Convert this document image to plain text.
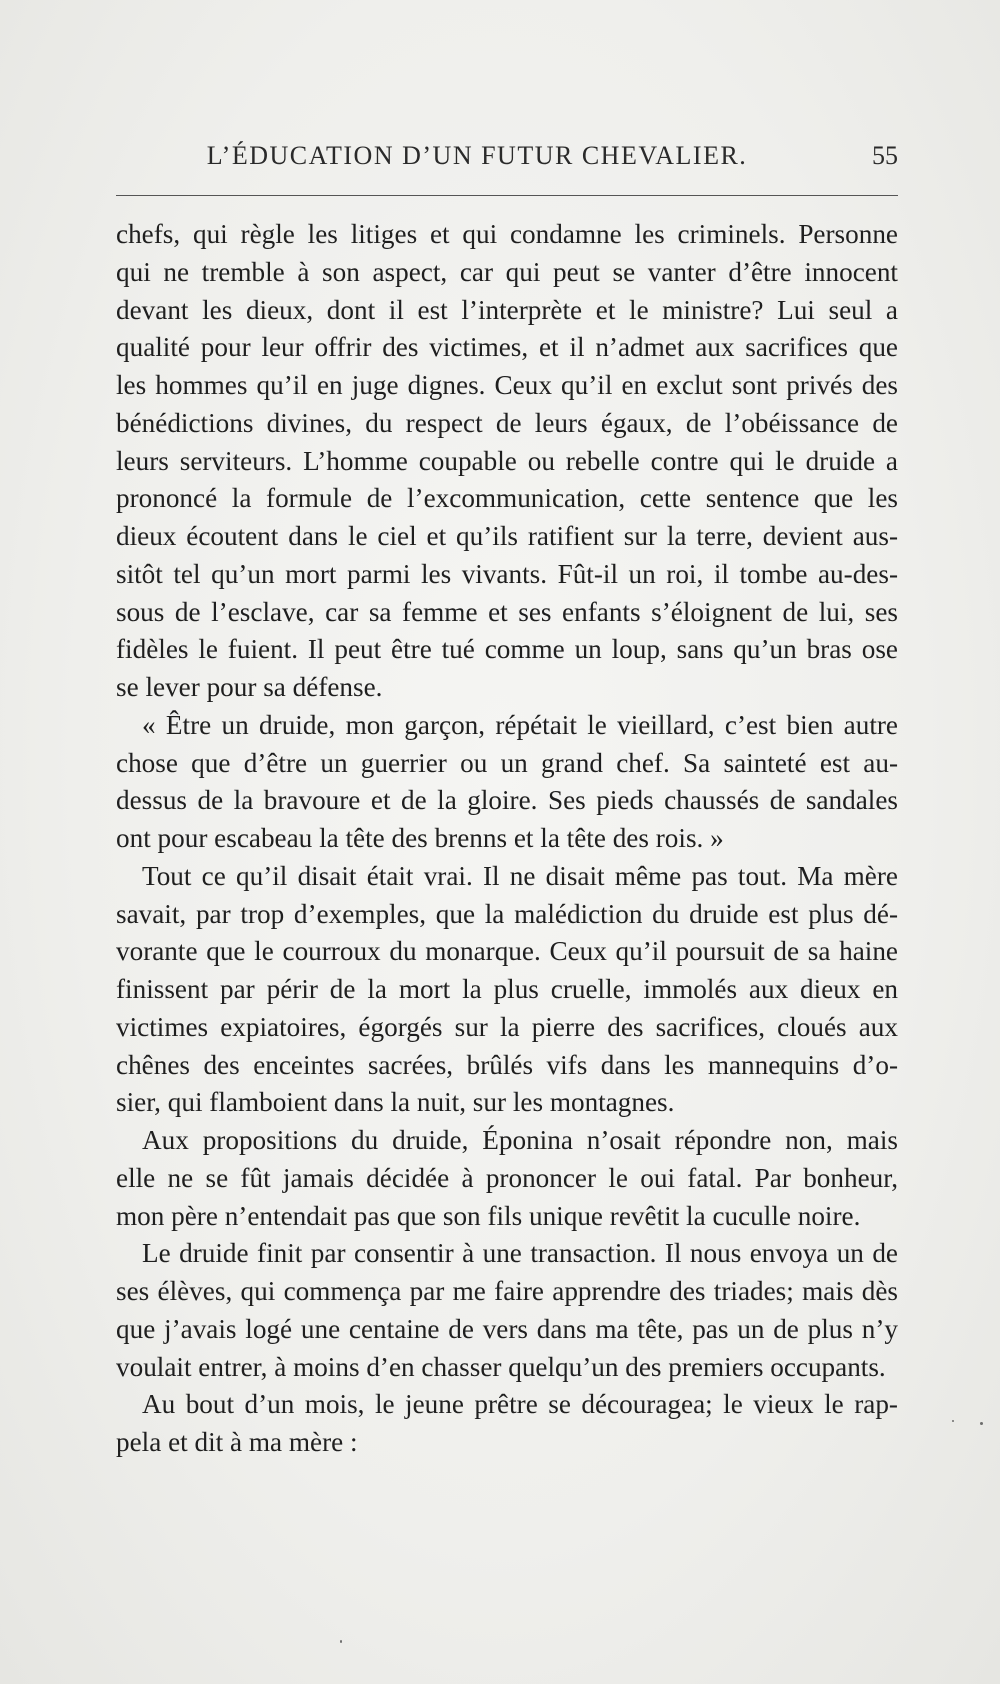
L’ÉDUCATION D’UN FUTUR CHEVALIER.	55
chefs, qui règle les litiges et qui condamne les criminels. Personne
qui ne tremble à son aspect, car qui peut se vanter d’être innocent
devant les dieux, dont il est l’interprète et le ministre? Lui seul a
qualité pour leur offrir des victimes, et il n’admet aux sacrifices que
les hommes qu’il en juge dignes. Ceux qu’il en exclut sont privés des
bénédictions divines, du respect de leurs égaux, de l’obéissance de
leurs serviteurs. L’homme coupable ou rebelle contre qui le druide a
prononcé la formule de l’excommunication, cette sentence que les
dieux écoutent dans le ciel et qu’ils ratifient sur la terre, devient aus-
sitôt tel qu’un mort parmi les vivants. Fût-il un roi, il tombe au-des-
sous de l’esclave, car sa femme et ses enfants s’éloignent de lui, ses
fidèles le fuient. Il peut être tué comme un loup, sans qu’un bras ose
se lever pour sa défense.
« Être un druide, mon garçon, répétait le vieillard, c’est bien autre
chose que d’être un guerrier ou un grand chef. Sa sainteté est au-
dessus de la bravoure et de la gloire. Ses pieds chaussés de sandales
ont pour escabeau la tête des brenns et la tête des rois. »
Tout ce qu’il disait était vrai. Il ne disait même pas tout. Ma mère
savait, par trop d’exemples, que la malédiction du druide est plus dé-
vorante que le courroux du monarque. Ceux qu’il poursuit de sa haine
finissent par périr de la mort la plus cruelle, immolés aux dieux en
victimes expiatoires, égorgés sur la pierre des sacrifices, cloués aux
chênes des enceintes sacrées, brûlés vifs dans les mannequins d’o-
sier, qui flamboient dans la nuit, sur les montagnes.
Aux propositions du druide, Éponina n’osait répondre non, mais
elle ne se fût jamais décidée à prononcer le oui fatal. Par bonheur,
mon père n’entendait pas que son fils unique revêtit la cuculle noire.
Le druide finit par consentir à une transaction. Il nous envoya un de
ses élèves, qui commença par me faire apprendre des triades; mais dès
que j’avais logé une centaine de vers dans ma tête, pas un de plus n’y
voulait entrer, à moins d’en chasser quelqu’un des premiers occupants.
Au bout d’un mois, le jeune prêtre se découragea; le vieux le rap-
pela et dit à ma mère :
